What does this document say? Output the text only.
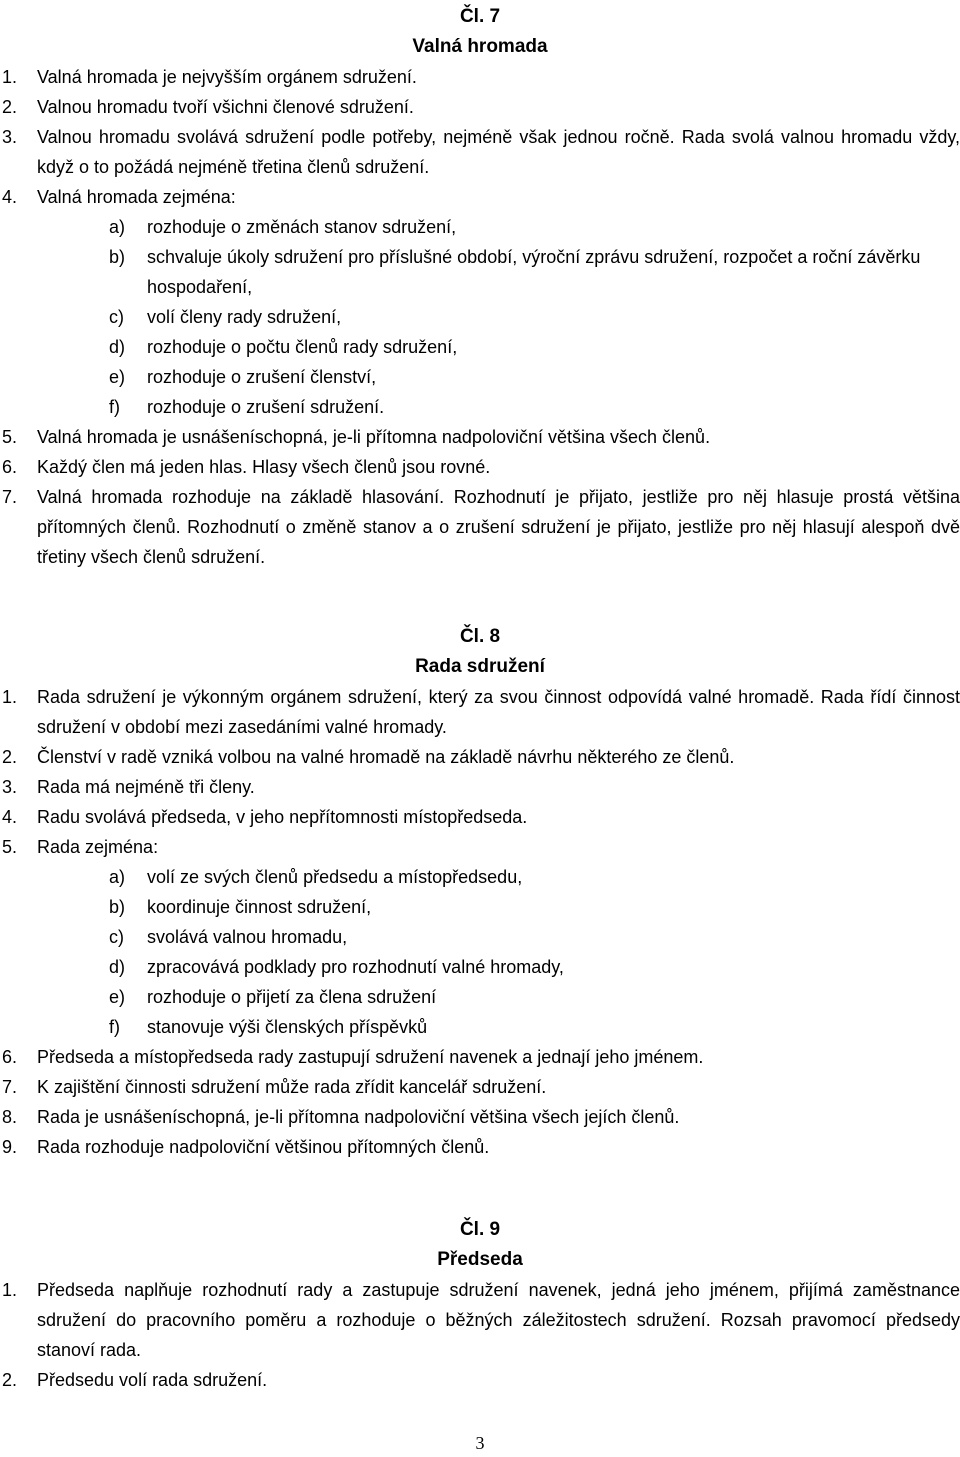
Čl. 7

Valná hromada

1. Valná hromada je nejvyšším orgánem sdružení.
2. Valnou hromadu tvoří všichni členové sdružení.
3. Valnou hromadu svolává sdružení podle potřeby, nejméně však jednou ročně. Rada svolá valnou hromadu vždy, když o to požádá nejméně třetina členů sdružení.
4. Valná hromada zejména:
a) rozhoduje o změnách stanov sdružení,
b) schvaluje úkoly sdružení pro příslušné období, výroční zprávu sdružení, rozpočet a roční závěrku hospodaření,
c) volí členy rady sdružení,
d) rozhoduje o počtu členů rady sdružení,
e) rozhoduje o zrušení členství,
f) rozhoduje o zrušení sdružení.
5. Valná hromada je usnášeníschopná, je-li přítomna nadpoloviční většina všech členů.
6. Každý člen má jeden hlas. Hlasy všech členů jsou rovné.
7. Valná hromada rozhoduje na základě hlasování. Rozhodnutí je přijato, jestliže pro něj hlasuje prostá většina přítomných členů. Rozhodnutí o změně stanov a o zrušení sdružení je přijato, jestliže pro něj hlasují alespoň dvě třetiny všech členů sdružení.

Čl. 8

Rada sdružení

1. Rada sdružení je výkonným orgánem sdružení, který za svou činnost odpovídá valné hromadě. Rada řídí činnost sdružení v období mezi zasedáními valné hromady.
2. Členství v radě vzniká volbou na valné hromadě na základě návrhu některého ze členů.
3. Rada má nejméně tři členy.
4. Radu svolává předseda, v jeho nepřítomnosti místopředseda.
5. Rada zejména:
a) volí ze svých členů předsedu a místopředsedu,
b) koordinuje činnost sdružení,
c) svolává valnou hromadu,
d) zpracovává podklady pro rozhodnutí valné hromady,
e) rozhoduje o přijetí za člena sdružení
f) stanovuje výši členských příspěvků
6. Předseda a místopředseda rady zastupují sdružení navenek a jednají jeho jménem.
7. K zajištění činnosti sdružení může rada zřídit kancelář sdružení.
8. Rada je usnášeníschopná, je-li přítomna nadpoloviční většina všech jejích členů.
9. Rada rozhoduje nadpoloviční většinou přítomných členů.

Čl. 9

Předseda

1. Předseda naplňuje rozhodnutí rady a zastupuje sdružení navenek, jedná jeho jménem, přijímá zaměstnance sdružení do pracovního poměru a rozhoduje o běžných záležitostech sdružení. Rozsah pravomocí předsedy stanoví rada.
2. Předsedu volí rada sdružení.
3
